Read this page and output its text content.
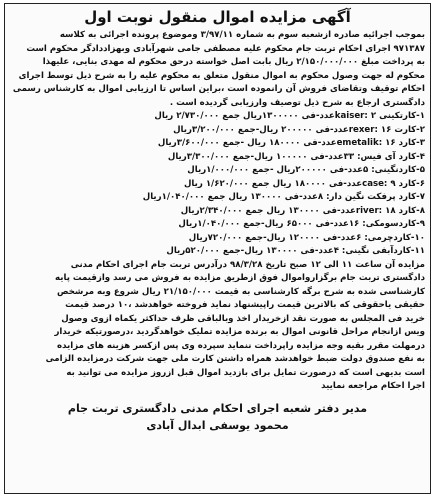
آگهی مزایده اموال منقول نوبت اول
بموجب اجرائیه صادره ازشعبه سوم به شماره ۳/۹۷/۱۱ وموضوع پرونده اجرائی به کلاسه
۹۷۱۳۸۷ اجرای احکام تربت جام محکوم علیه مصطفی جامی شهرآبادی وبهزاددادگر محکوم است
به پرداخت مبلغ ۲/۱۵۰/۰۰۰/۰۰۰ ریال بابت اصل خواسته درحق محکوم له مهدی بنایی، علیهذا
محکوم له جهت وصول محکوم به اموال منقول متعلق به محکوم علیه را به شرح ذیل توسط اجرای
احکام توقیف وتقاضای فروش آن رانموده است ،براین اساس تا ارزیابی اموال به کارشناس رسمی
دادگستری ارجاع به شرح ذیل توصیف وارزیابی گردیده است .
۱-کارتکینی kaiser: ۲عدد-فی ۱۳۰۰۰۰۰ریال جمع ۲/۷۳۰/۰۰۰ ریال
۲-کارت rexer: ۱۶عدد-فی ۲۰۰۰۰۰ ریال-جمع ۳/۲۰۰/۰۰۰ریال
۳-کارد emetalik: ۱۶عدد-فی ۱۸۰۰۰۰ ریال -جمع ۳/۶۰۰/۰۰۰ریال
۴-کارد آی فیس: ۳۳عدد-فی ۱۰۰۰۰۰ ریال-جمع ۳/۳۰۰/۰۰۰ریال
۵-کاردنگینی: ۵عدد-فی ۲۰۰۰۰۰ریال -جمع ۱/۰۰۰/۰۰۰ریال
۶-کارد case: ۹عدد-فی ۱۸۰۰۰۰ ریال جمع ۱/۶۲۰/۰۰۰ ریال
۷-کارد پرفکت نگین دار: ۸عدد-فی ۱۳۰۰۰۰ ریال جمع ۱/۰۴۰/۰۰۰ریال
۸-کارد river: ۱۸عدد-فی ۱۳۰۰۰۰ ریال جمع ۲/۳۴۰/۰۰۰ریال
۹-کاردسومکی: ۱۶عدد-فی ۶۵۰۰۰ ریال-جمع ۱/۰۴۰/۰۰۰ریال
۱۰-کاردچرمی: ۶عدد-فی ۱۲۰۰۰۰ ریال-جمع ۷۲۰/۰۰۰ریال
۱۱-کاردآبفی نگینی: ۴عدد-فی ۱۳۰۰۰۰ ریال-جمع ۵۲۰/۰۰۰ریال
مزایده آن ساعت ۱۱ الی ۱۲ صبح تاریخ ۹۸/۳/۲۸ درآدرس تربت جام اجرای احکام مدنی
دادگستری تربت جام برگزارواموال فوق ازطریق مزایده به فروش می رسد وازقیمت پایه
کارشناسی شده به شرح برگه کارشناسی به قیمت ۲۱/۱۵۰/۰۰۰ ریال شروع وبه مرشخص
حقیقی یاحقوقی که بالاترین قیمت راپیشنهاد نماید فروخته خواهدشد ،۱۰ درصد قیمت
خرید فی المجلس به صورت نقد ازخریدار اخذ وبالباقی ظرف حداکثر یکماه ازوی وصول
ویس ازانجام مراحل قانونی اموال به برنده مزایده تملیک خواهدگردید ،درصورتیکه خریدار
درمهلت مقرر بقیه وجه مزایده راپرداخت ننماید سپرده وی پس ازکسر هزینه های مزایده
به نفع صندوق دولت ضبط خواهدشد همراه داشتن کارت ملی جهت شرکت درمزایده الزامی
است بدیهی است که درصورت تمایل برای بازدید اموال قبل ازروز مزایده می توانید به
اجرا احکام مراجعه نمایید
مدیر دفتر شعبه اجرای احکام مدنی دادگستری تربت جام
محمود یوسفی ابدال آبادی
